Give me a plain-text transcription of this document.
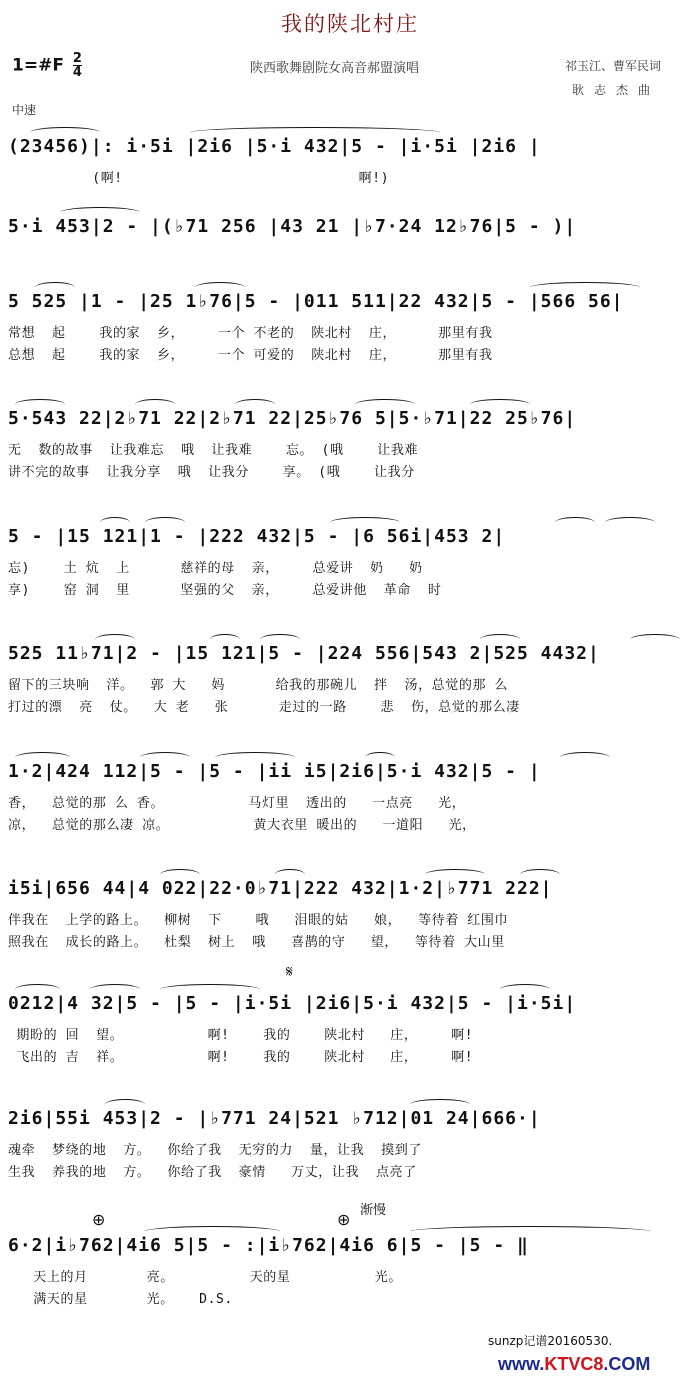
我的陕北村庄
1=#F $\frac{2}{4}$	陕西歌舞剧院女高音郝盟演唱	祁玉江、曹军民词
耿志杰曲
中速
(23456)|: i·5i |2i6 |5·i 432|5 - |i·5i |2i6 |
(啊!                            啊!)
5·i 453|2 - |(♭71 256 |43 21 |♭7·24 12♭76|5 - )|
5 525 |1 - |25 1♭76|5 - |011 511|22 432|5 - |566 56|
常想  起    我的家  乡，    一个 不老的  陕北村  庄，     那里有我
总想  起    我的家  乡，    一个 可爱的  陕北村  庄，     那里有我
5·543 22|2♭71 22|2♭71 22|25♭76 5|5·♭71|22 25♭76|
无  数的故事  让我难忘  哦  让我难    忘。 (哦    让我难
讲不完的故事  让我分享  哦  让我分    享。 (哦    让我分
5 - |15 121|1 - |222 432|5 - |6 56i|453 2|
忘)    土 炕  上      慈祥的母  亲，    总爱讲  奶   奶
享)    窑 洞  里      坚强的父  亲，    总爱讲他  革命  时
525 11♭71|2 - |15 121|5 - |224 556|543 2|525 4432|
留下的三块响  洋。  郭 大   妈      给我的那碗儿  拌  汤，总觉的那 么
打过的漂  亮  仗。  大 老   张      走过的一路    悲  伤，总觉的那么凄
1·2|424 112|5 - |5 - |ii i5|2i6|5·i 432|5 - |
香，  总觉的那 么 香。          马灯里  透出的   一点亮   光，
凉，  总觉的那么凄 凉。          黄大衣里 暖出的   一道阳   光，
i5i|656 44|4 022|22·0♭71|222 432|1·2|♭771 222|
伴我在  上学的路上。  柳树  下    哦   泪眼的姑   娘，  等待着 红围巾
照我在  成长的路上。  杜梨  树上  哦   喜鹊的守   望，  等待着 大山里
0212|4 32|5 - |5 - |i·5i |2i6|5·i 432|5 - |i·5i|
期盼的 回  望。          啊!    我的    陕北村   庄，    啊!
飞出的 吉  祥。          啊!    我的    陕北村   庄，    啊!
2i6|55i 453|2 - |♭771 24|521 ♭712|01 24|666·|
魂牵  梦绕的地  方。  你给了我  无穷的力  量，让我  摸到了
生我  养我的地  方。  你给了我  豪情   万丈，让我  点亮了
6·2|i♭762|4i6 5|5 - :|i♭762|4i6 6|5 - |5 - ‖
天上的月       亮。         天的星          光。
满天的星       光。   D.S.
𝄋
⊕	⊕ 渐慢
sunzp记谱20160530.
www.KTVC8.COM
